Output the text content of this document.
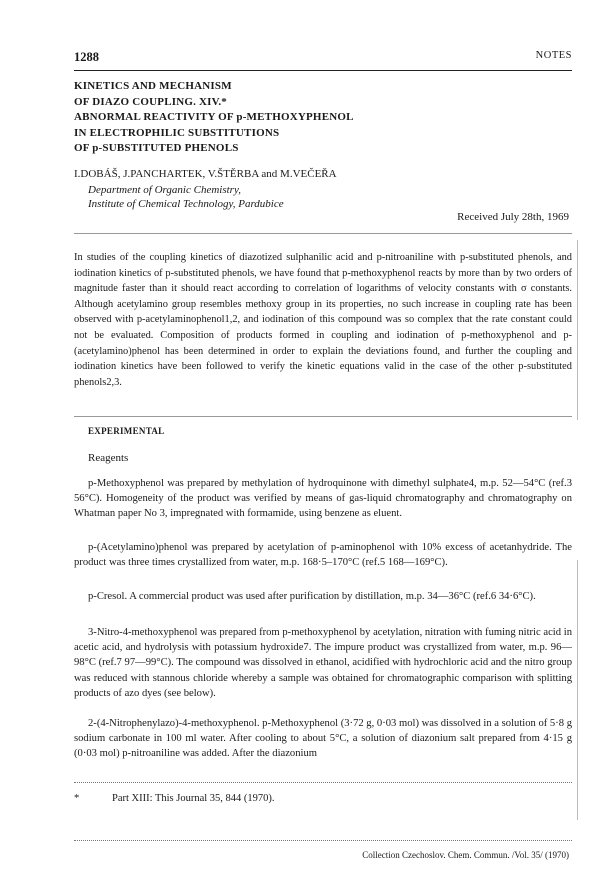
1288	NOTES
KINETICS AND MECHANISM
OF DIAZO COUPLING. XIV.*
ABNORMAL REACTIVITY OF p-METHOXYPHENOL
IN ELECTROPHILIC SUBSTITUTIONS
OF p-SUBSTITUTED PHENOLS
I.DOBÁŠ, J.PANCHARTEK, V.ŠTĚRBA and M.VEČEŘA
Department of Organic Chemistry,
Institute of Chemical Technology, Pardubice
Received July 28th, 1969
In studies of the coupling kinetics of diazotized sulphanilic acid and p-nitroaniline with p-substituted phenols, and iodination kinetics of p-substituted phenols, we have found that p-methoxyphenol reacts by more than by two orders of magnitude faster than it should react according to correlation of logarithms of velocity constants with σ constants. Although acetylamino group resembles methoxy group in its properties, no such increase in coupling rate has been observed with p-acetylaminophenol1,2, and iodination of this compound was so complex that the rate constant could not be evaluated. Composition of products formed in coupling and iodination of p-methoxyphenol and p-(acetylamino)phenol has been determined in order to explain the deviations found, and further the coupling and iodination kinetics have been followed to verify the kinetic equations valid in the case of the other p-substituted phenols2,3.
EXPERIMENTAL
Reagents
p-Methoxyphenol was prepared by methylation of hydroquinone with dimethyl sulphate4, m.p. 52—54°C (ref.3 56°C). Homogeneity of the product was verified by means of gas-liquid chromatography and chromatography on Whatman paper No 3, impregnated with formamide, using benzene as eluent.
p-(Acetylamino)phenol was prepared by acetylation of p-aminophenol with 10% excess of acetanhydride. The product was three times crystallized from water, m.p. 168·5–170°C (ref.5 168—169°C).
p-Cresol. A commercial product was used after purification by distillation, m.p. 34—36°C (ref.6 34·6°C).
3-Nitro-4-methoxyphenol was prepared from p-methoxyphenol by acetylation, nitration with fuming nitric acid in acetic acid, and hydrolysis with potassium hydroxide7. The impure product was crystallized from water, m.p. 96—98°C (ref.7 97—99°C). The compound was dissolved in ethanol, acidified with hydrochloric acid and the nitro group was reduced with stannous chloride whereby a sample was obtained for chromatographic comparison with splitting products of azo dyes (see below).
2-(4-Nitrophenylazo)-4-methoxyphenol. p-Methoxyphenol (3·72 g, 0·03 mol) was dissolved in a solution of 5·8 g sodium carbonate in 100 ml water. After cooling to about 5°C, a solution of diazonium salt prepared from 4·15 g (0·03 mol) p-nitroaniline was added. After the diazonium
*	Part XIII: This Journal 35, 844 (1970).
Collection Czechoslov. Chem. Commun. /Vol. 35/ (1970)
